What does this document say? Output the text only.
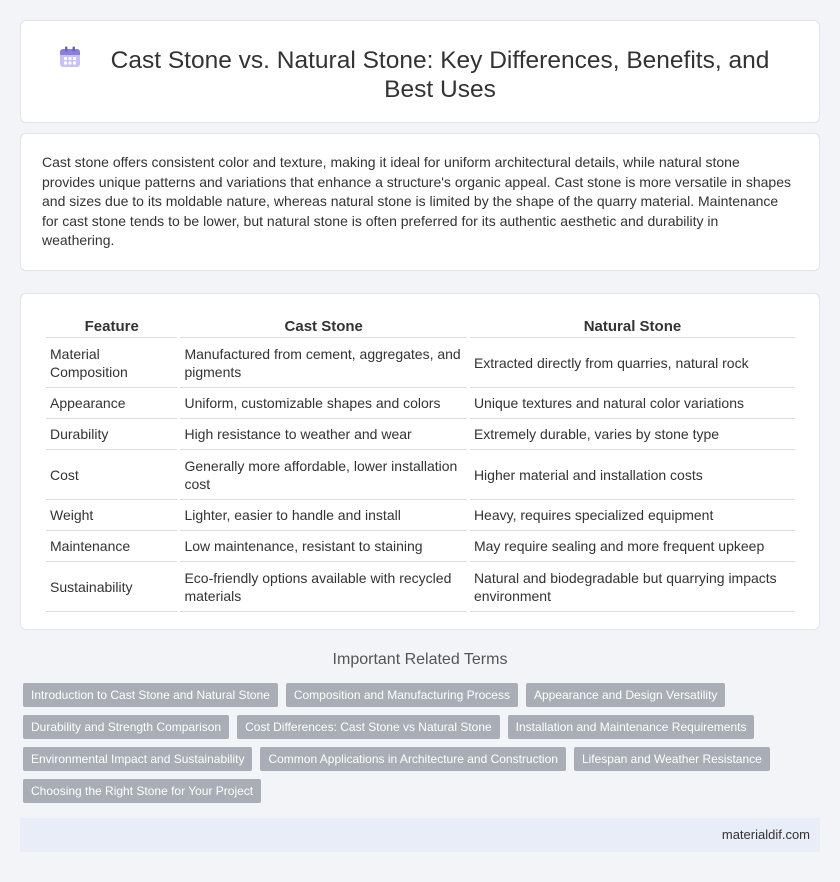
Cast Stone vs. Natural Stone: Key Differences, Benefits, and Best Uses

Cast stone offers consistent color and texture, making it ideal for uniform architectural details, while natural stone provides unique patterns and variations that enhance a structure's organic appeal. Cast stone is more versatile in shapes and sizes due to its moldable nature, whereas natural stone is limited by the shape of the quarry material. Maintenance for cast stone tends to be lower, but natural stone is often preferred for its authentic aesthetic and durability in weathering.

Feature	Cast Stone	Natural Stone
Material Composition	Manufactured from cement, aggregates, and pigments	Extracted directly from quarries, natural rock
Appearance	Uniform, customizable shapes and colors	Unique textures and natural color variations
Durability	High resistance to weather and wear	Extremely durable, varies by stone type
Cost	Generally more affordable, lower installation cost	Higher material and installation costs
Weight	Lighter, easier to handle and install	Heavy, requires specialized equipment
Maintenance	Low maintenance, resistant to staining	May require sealing and more frequent upkeep
Sustainability	Eco-friendly options available with recycled materials	Natural and biodegradable but quarrying impacts environment
Important Related Terms
Introduction to Cast Stone and Natural Stone	Composition and Manufacturing Process	Appearance and Design Versatility
Durability and Strength Comparison	Cost Differences: Cast Stone vs Natural Stone	Installation and Maintenance Requirements
Environmental Impact and Sustainability	Common Applications in Architecture and Construction	Lifespan and Weather Resistance
Choosing the Right Stone for Your Project
materialdif.com
